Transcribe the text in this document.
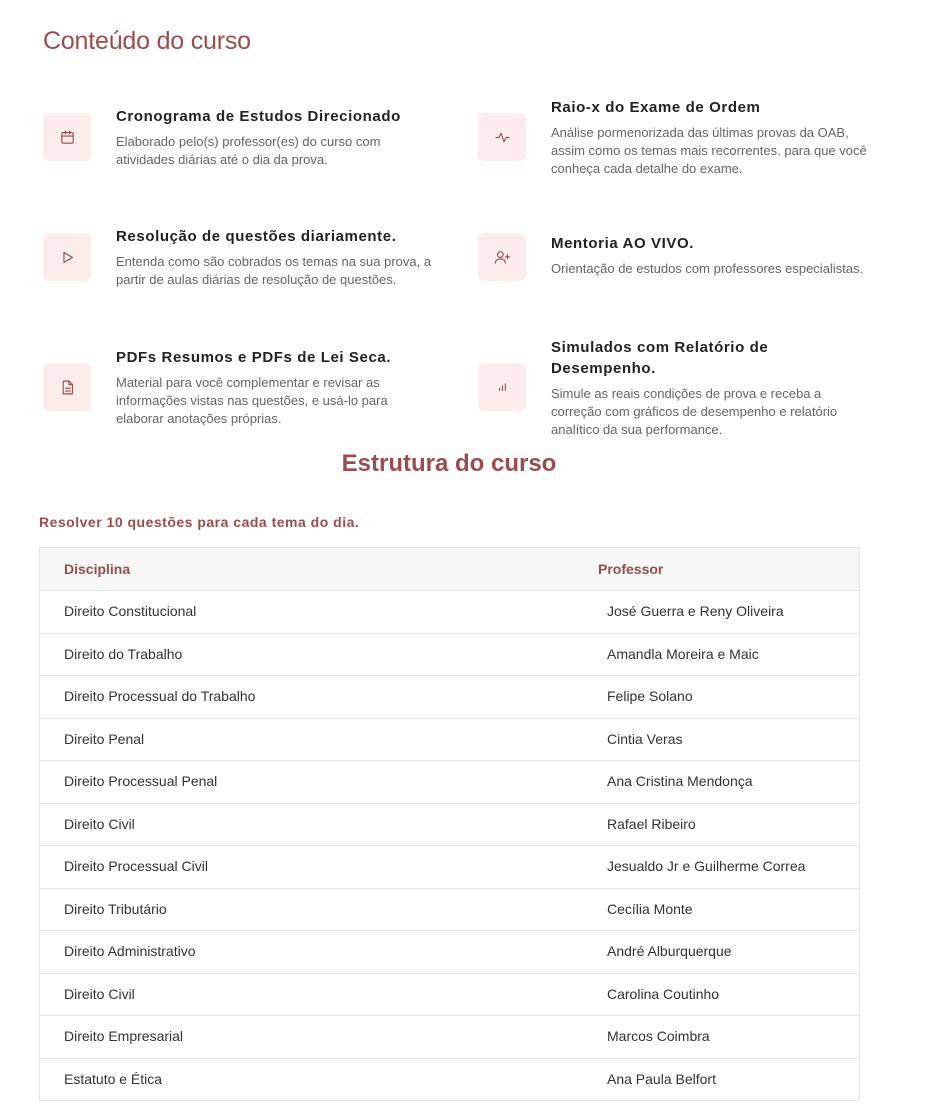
Conteúdo do curso
Cronograma de Estudos Direcionado
Elaborado pelo(s) professor(es) do curso com atividades diárias até o dia da prova.
Raio-x do Exame de Ordem
Análise pormenorizada das últimas provas da OAB, assim como os temas mais recorrentes. para que você conheça cada detalhe do exame.
Resolução de questões diariamente.
Entenda como são cobrados os temas na sua prova, a partir de aulas diárias de resolução de questões.
Mentoria AO VIVO.
Orientação de estudos com professores especialistas.
PDFs Resumos e PDFs de Lei Seca.
Material para você complementar e revisar as informações vistas nas questões, e usá-lo para elaborar anotações próprias.
Simulados com Relatório de Desempenho.
Simule as reais condições de prova e receba a correção com gráficos de desempenho e relatório analítico da sua performance.
Estrutura do curso
Resolver 10 questões para cada tema do dia.
Disciplina	Professor
Direito Constitucional	José Guerra e Reny Oliveira
Direito do Trabalho	Amandla Moreira e Maic
Direito Processual do Trabalho	Felipe Solano
Direito Penal	Cintia Veras
Direito Processual Penal	Ana Cristina Mendonça
Direito Civil	Rafael Ribeiro
Direito Processual Civil	Jesualdo Jr e Guilherme Correa
Direito Tributário	Cecília Monte
Direito Administrativo	André Alburquerque
Direito Civil	Carolina Coutinho
Direito Empresarial	Marcos Coimbra
Estatuto e Ética	Ana Paula Belfort
